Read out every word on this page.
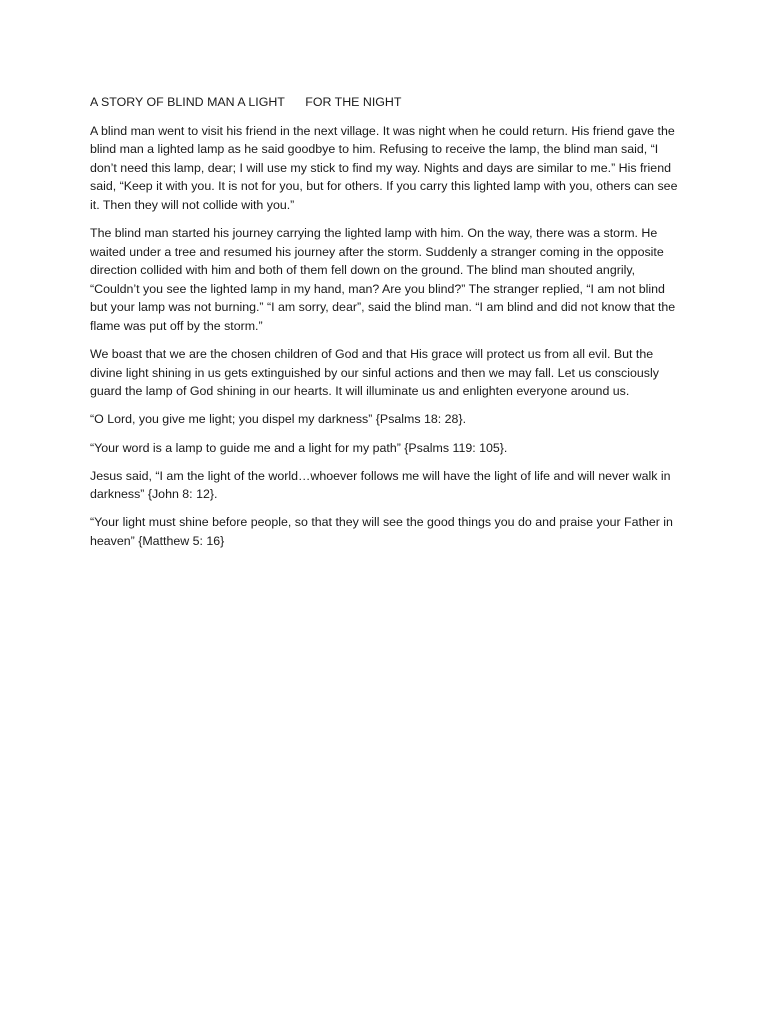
A STORY OF BLIND MAN A LIGHT      FOR THE NIGHT

A blind man went to visit his friend in the next village. It was night when he could return. His friend gave the blind man a lighted lamp as he said goodbye to him. Refusing to receive the lamp, the blind man said, “I don’t need this lamp, dear; I will use my stick to find my way. Nights and days are similar to me.” His friend said, “Keep it with you. It is not for you, but for others. If you carry this lighted lamp with you, others can see it. Then they will not collide with you.”

The blind man started his journey carrying the lighted lamp with him. On the way, there was a storm. He waited under a tree and resumed his journey after the storm. Suddenly a stranger coming in the opposite direction collided with him and both of them fell down on the ground. The blind man shouted angrily, “Couldn’t you see the lighted lamp in my hand, man? Are you blind?” The stranger replied, “I am not blind but your lamp was not burning.” “I am sorry, dear”, said the blind man. “I am blind and did not know that the flame was put off by the storm.”

We boast that we are the chosen children of God and that His grace will protect us from all evil. But the divine light shining in us gets extinguished by our sinful actions and then we may fall. Let us consciously guard the lamp of God shining in our hearts. It will illuminate us and enlighten everyone around us.

“O Lord, you give me light; you dispel my darkness” {Psalms 18: 28}.

“Your word is a lamp to guide me and a light for my path” {Psalms 119: 105}.

Jesus said, “I am the light of the world…whoever follows me will have the light of life and will never walk in darkness” {John 8: 12}.

“Your light must shine before people, so that they will see the good things you do and praise your Father in heaven” {Matthew 5: 16}
